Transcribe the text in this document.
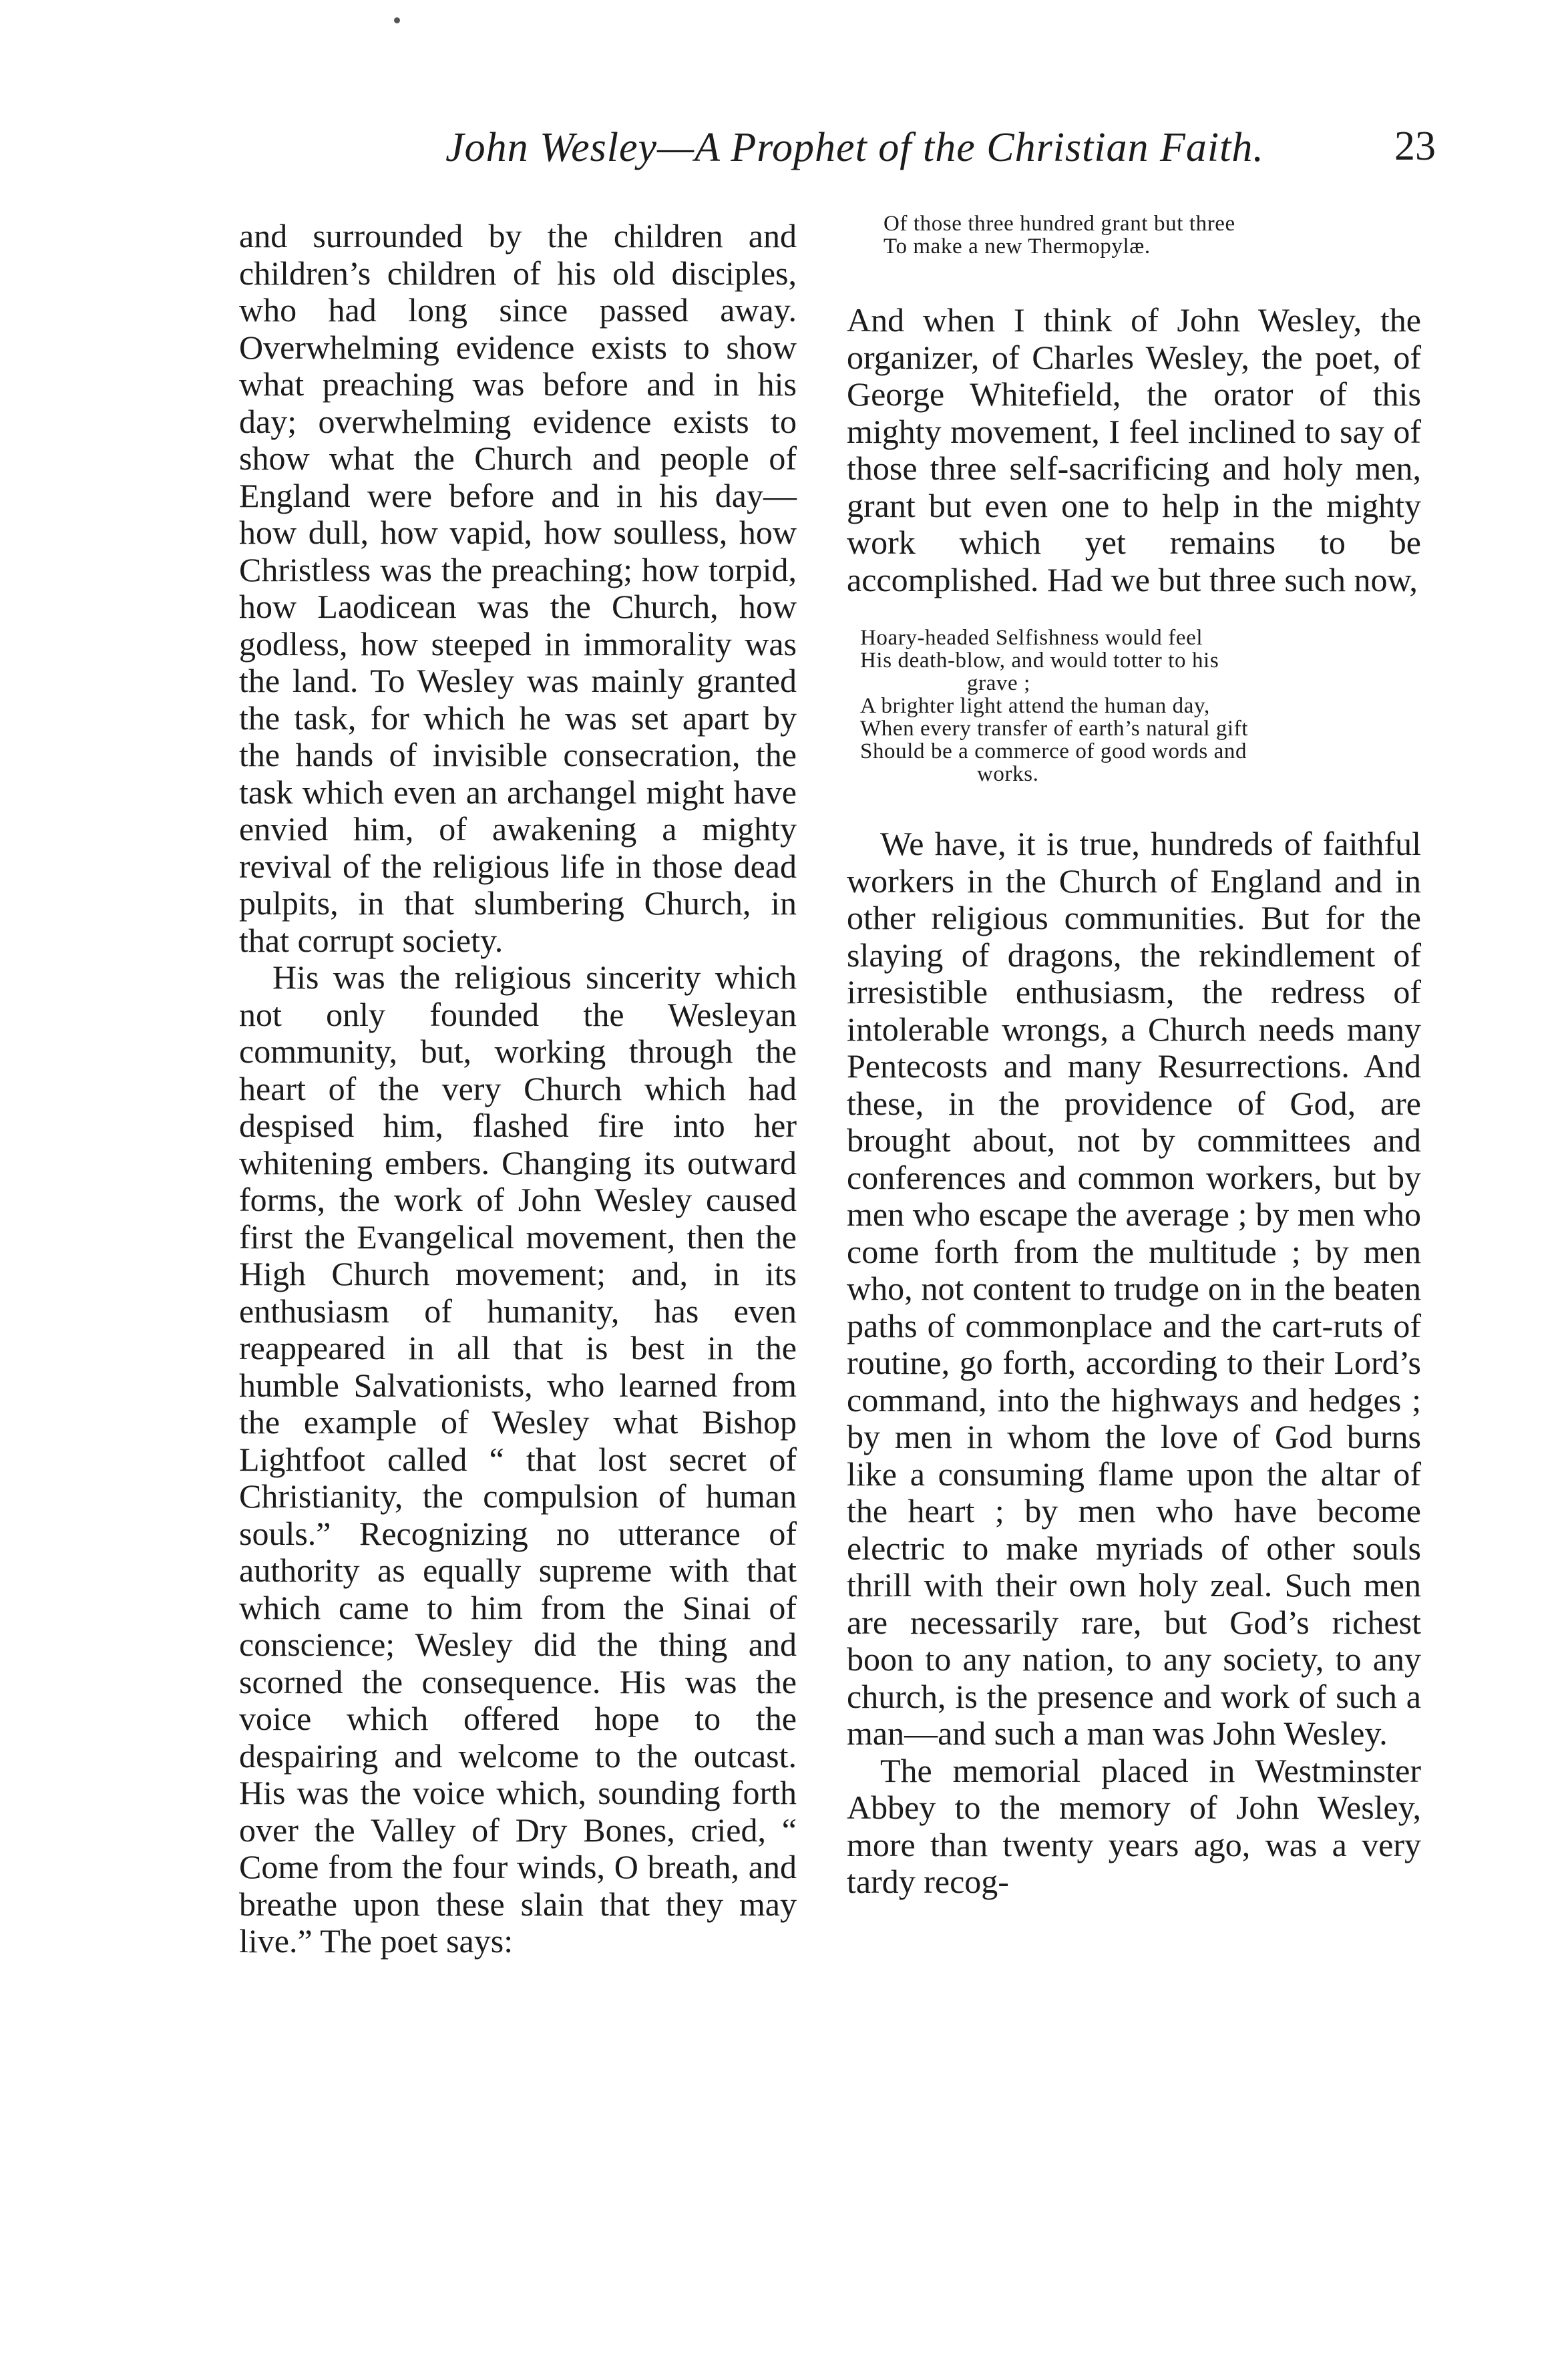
John Wesley—A Prophet of the Christian Faith.	23

and surrounded by the children and children’s children of his old disciples, who had long since passed away. Overwhelming evidence exists to show what preaching was before and in his day; overwhelming evidence exists to show what the Church and people of England were before and in his day—how dull, how vapid, how soulless, how Christless was the preaching; how torpid, how Laodicean was the Church, how godless, how steeped in immorality was the land. To Wesley was mainly granted the task, for which he was set apart by the hands of invisible consecration, the task which even an archangel might have envied him, of awakening a mighty revival of the religious life in those dead pulpits, in that slumbering Church, in that corrupt society.

His was the religious sincerity which not only founded the Wesleyan community, but, working through the heart of the very Church which had despised him, flashed fire into her whitening embers. Changing its outward forms, the work of John Wesley caused first the Evangelical movement, then the High Church movement; and, in its enthusiasm of humanity, has even reappeared in all that is best in the humble Salvationists, who learned from the example of Wesley what Bishop Lightfoot called “ that lost secret of Christianity, the compulsion of human souls.” Recognizing no utterance of authority as equally supreme with that which came to him from the Sinai of conscience; Wesley did the thing and scorned the consequence. His was the voice which offered hope to the despairing and welcome to the outcast. His was the voice which, sounding forth over the Valley of Dry Bones, cried, “ Come from the four winds, O breath, and breathe upon these slain that they may live.” The poet says:

Of those three hundred grant but three
To make a new Thermopylæ.

And when I think of John Wesley, the organizer, of Charles Wesley, the poet, of George Whitefield, the orator of this mighty movement, I feel inclined to say of those three self-sacrificing and holy men, grant but even one to help in the mighty work which yet remains to be accomplished. Had we but three such now,

Hoary-headed Selfishness would feel
His death-blow, and would totter to his
grave ;
A brighter light attend the human day,
When every transfer of earth’s natural gift
Should be a commerce of good words and
works.

We have, it is true, hundreds of faithful workers in the Church of England and in other religious communities. But for the slaying of dragons, the rekindlement of irresistible enthusiasm, the redress of intolerable wrongs, a Church needs many Pentecosts and many Resurrections. And these, in the providence of God, are brought about, not by committees and conferences and common workers, but by men who escape the average ; by men who come forth from the multitude ; by men who, not content to trudge on in the beaten paths of commonplace and the cart-ruts of routine, go forth, according to their Lord’s command, into the highways and hedges ; by men in whom the love of God burns like a consuming flame upon the altar of the heart ; by men who have become electric to make myriads of other souls thrill with their own holy zeal. Such men are necessarily rare, but God’s richest boon to any nation, to any society, to any church, is the presence and work of such a man—and such a man was John Wesley.

The memorial placed in Westminster Abbey to the memory of John Wesley, more than twenty years ago, was a very tardy recog-
